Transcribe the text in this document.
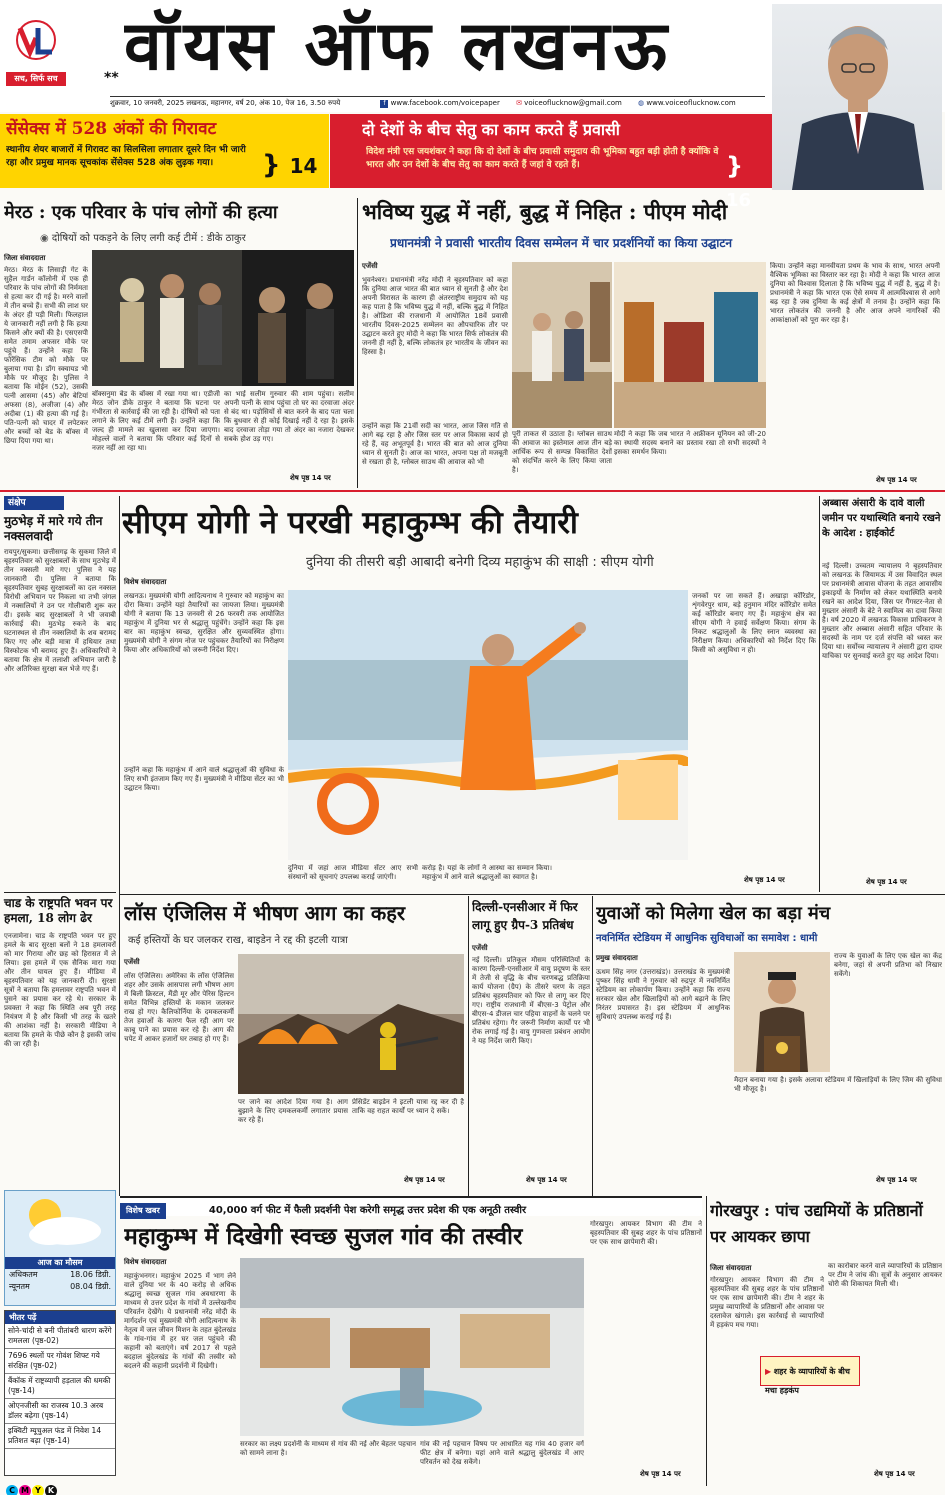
सच, सिर्फ सच	** वॉयस ऑफ लखनऊ
शुक्रवार, 10 जनवरी, 2025 लखनऊ, महानगर, वर्ष 20, अंक 10, पेज 16, 3.50 रुपये	f www.facebook.com/voicepaper ✉ voiceoflucknow@gmail.com ◍ www.voiceoflucknow.com
सेंसेक्स में 528 अंकों की गिरावट
स्थानीय शेयर बाजारों में गिरावट का सिलसिला लगातार दूसरे दिन भी जारी रहा और प्रमुख मानक सूचकांक सेंसेक्स 528 अंक लुढ़क गया।	} 14
दो देशों के बीच सेतु का काम करते हैं प्रवासी
विदेश मंत्री एस जयशंकर ने कहा कि दो देशों के बीच प्रवासी समुदाय की भूमिका बहुत बड़ी होती है क्योंकि वे भारत और उन देशों के बीच सेतु का काम करते हैं जहां वे रहते हैं।	} 16
मेरठ : एक परिवार के पांच लोगों की हत्या
◉ दोषियों को पकड़ने के लिए लगी कई टीमें : डीके ठाकुर
जिला संवाददाता
मेरठ। मेरठ के लिसाड़ी गेट के सुहैल गार्डन कॉलोनी में एक ही परिवार के पांच लोगों की निर्ममता से हत्या कर दी गई है। मरने वालों में तीन बच्चे हैं। सभी की लाश घर के अंदर ही पड़ी मिली। फिलहाल ये जानकारी नहीं लगी है कि हत्या किसने और क्यों की है। एसएसपी समेत तमाम अफसर मौके पर पहुंचे हैं। उन्होंने कहा कि फोरेंसिक टीम को मौके पर बुलाया गया है। डॉग स्क्वायड भी मौके पर मौजूद है। पुलिस ने बताया कि मोईन (52), उसकी पत्नी आसमा (45) और बेटियां अफसा (8), अजीजा (4) और अदीबा (1) की हत्या की गई है। पति-पत्नी को चादर में लपेटकर और बच्चों को बेड के बॉक्स में छिपा दिया गया था।
बॉक्सनुमा बेड के बॉक्स में रखा गया था। एडीजी मेरठ जोन डीके ठाकुर ने बताया कि घटना पर गंभीरता से कार्रवाई की जा रही है। दोषियों को पता लगाने के लिए कई टीमें लगी हैं। उन्होंने कहा कि जल्द ही मामले का खुलासा कर दिया जाएगा। मोहल्ले वालों ने बताया कि परिवार कई दिनों से नजर नहीं आ रहा था।
का भाई सलीम गुरुवार की शाम पहुंचा। सलीम अपनी पत्नी के साथ पहुंचा तो घर का दरवाजा अंदर से बंद था। पड़ोसियों से बात करने के बाद पता चला कि बुधवार से ही कोई दिखाई नहीं दे रहा है। इसके बाद दरवाजा तोड़ा गया तो अंदर का नजारा देखकर सबके होश उड़ गए।
शेष पृष्ठ 14 पर
भविष्य युद्ध में नहीं, बुद्ध में निहित : पीएम मोदी
प्रधानमंत्री ने प्रवासी भारतीय दिवस सम्मेलन में चार प्रदर्शनियों का किया उद्घाटन
एजेंसी
भुवनेश्वर। प्रधानमंत्री नरेंद्र मोदी ने बृहस्पतिवार को कहा कि दुनिया आज भारत की बात ध्यान से सुनती है और देश अपनी विरासत के कारण ही अंतरराष्ट्रीय समुदाय को यह कह पाता है कि भविष्य युद्ध में नहीं, बल्कि बुद्ध में निहित है। ओडिशा की राजधानी में आयोजित 18वें प्रवासी भारतीय दिवस-2025 सम्मेलन का औपचारिक तौर पर उद्घाटन करते हुए मोदी ने कहा कि भारत सिर्फ लोकतंत्र की जननी ही नहीं है, बल्कि लोकतंत्र हर भारतीय के जीवन का हिस्सा है।
उन्होंने कहा कि 21वीं सदी का भारत, आज जिस गति से आगे बढ़ रहा है और जिस स्तर पर आज विकास कार्य हो रहे हैं, वह अभूतपूर्व है। भारत की बात को आज दुनिया ध्यान से सुनती है। आज का भारत, अपना पक्ष तो मजबूती से रखता ही है, ग्लोबल साउथ की आवाज को भी
पूरी ताकत से उठाता है। ग्लोबल साउथ की आवाज का इस्तेमाल आज तीन बड़े आर्थिक रूप से सम्पन्न विकासित देशों को संदर्भित करने के लिए किया जाता है।
मोदी ने कहा कि जब भारत ने अफ्रीकन यूनियन को जी-20 का स्थायी सदस्य बनाने का प्रस्ताव रखा तो सभी सदस्यों ने इसका समर्थन किया।
किया। उन्होंने कहा मानवीयता प्रथम के भाव के साथ, भारत अपनी वैश्विक भूमिका का विस्तार कर रहा है। मोदी ने कहा कि भारत आज दुनिया को विश्वास दिलाता है कि भविष्य युद्ध में नहीं है, बुद्ध में है। प्रधानमंत्री ने कहा कि भारत एक ऐसे समय में आत्मविश्वास से आगे बढ़ रहा है जब दुनिया के कई क्षेत्रों में तनाव है। उन्होंने कहा कि भारत लोकतंत्र की जननी है और आज अपने नागरिकों की आकांक्षाओं को पूरा कर रहा है।
शेष पृष्ठ 14 पर
संक्षेप
मुठभेड़ में मारे गये तीन नक्सलवादी
रायपुर/सुकमा। छत्तीसगढ़ के सुकमा जिले में बृहस्पतिवार को सुरक्षाबलों के साथ मुठभेड़ में तीन नक्सली मारे गए। पुलिस ने यह जानकारी दी। पुलिस ने बताया कि बृहस्पतिवार सुबह सुरक्षाबलों का दल नक्सल विरोधी अभियान पर निकला था तभी जंगल में नक्सलियों ने उन पर गोलीबारी शुरू कर दी। इसके बाद सुरक्षाबलों ने भी जवाबी कार्रवाई की। मुठभेड़ रुकने के बाद घटनास्थल से तीन नक्सलियों के शव बरामद किए गए और बड़ी मात्रा में हथियार तथा विस्फोटक भी बरामद हुए हैं। अधिकारियों ने बताया कि क्षेत्र में तलाशी अभियान जारी है और अतिरिक्त सुरक्षा बल भेजे गए हैं।
चाड के राष्ट्रपति भवन पर हमला, 18 लोग ढेर
एनजामेना। चाड के राष्ट्रपति भवन पर हुए हमले के बाद सुरक्षा बलों ने 18 हमलावरों को मार गिराया और छह को हिरासत में ले लिया। इस हमले में एक सैनिक मारा गया और तीन घायल हुए हैं। मीडिया में बृहस्पतिवार को यह जानकारी दी। सुरक्षा सूत्रों ने बताया कि हमलावर राष्ट्रपति भवन में घुसने का प्रयास कर रहे थे। सरकार के प्रवक्ता ने कहा कि स्थिति अब पूरी तरह नियंत्रण में है और किसी भी तरह के खतरे की आशंका नहीं है। सरकारी मीडिया ने बताया कि हमले के पीछे कौन है इसकी जांच की जा रही है।
सीएम योगी ने परखी महाकुम्भ की तैयारी
दुनिया की तीसरी बड़ी आबादी बनेगी दिव्य महाकुंभ की साक्षी : सीएम योगी
विशेष संवाददाता
लखनऊ। मुख्यमंत्री योगी आदित्यनाथ ने गुरुवार को महाकुंभ का दौरा किया। उन्होंने यहां तैयारियों का जायजा लिया। मुख्यमंत्री योगी ने बताया कि 13 जनवरी से 26 फरवरी तक आयोजित महाकुंभ में दुनिया भर से श्रद्धालु पहुंचेंगे। उन्होंने कहा कि इस बार का महाकुंभ स्वच्छ, सुरक्षित और सुव्यवस्थित होगा। मुख्यमंत्री योगी ने संगम नोज पर पहुंचकर तैयारियों का निरीक्षण किया और अधिकारियों को जरूरी निर्देश दिए।
उन्होंने कहा कि महाकुंभ में आने वाले श्रद्धालुओं की सुविधा के लिए सभी इंतजाम किए गए हैं। मुख्यमंत्री ने मीडिया सेंटर का भी उद्घाटन किया।
दुनिया में जहां आज मीडिया सेंटर आए सभी संस्थानों को सूचनाएं उपलब्ध कराई जाएंगी।
करोड़ है। यहां के लोगों ने आस्था का सम्मान किया। महाकुंभ में आने वाले श्रद्धालुओं का स्वागत है।
जनकों पर जा सकते हैं। अखाड़ा कॉरिडोर, शृंगवेरपुर धाम, बड़े हनुमान मंदिर कॉरिडोर समेत कई कॉरिडोर बनाए गए हैं। महाकुंभ क्षेत्र का सीएम योगी ने हवाई सर्वेक्षण किया। संगम के निकट श्रद्धालुओं के लिए स्नान व्यवस्था का निरीक्षण किया। अधिकारियों को निर्देश दिए कि किसी को असुविधा न हो।
शेष पृष्ठ 14 पर
अब्बास अंसारी के दावे वाली जमीन पर यथास्थिति बनाये रखने के आदेश : हाईकोर्ट
नई दिल्ली। उच्चतम न्यायालय ने बृहस्पतिवार को लखनऊ के जियामऊ में उस विवादित स्थल पर प्रधानमंत्री आवास योजना के तहत आवासीय इकाइयों के निर्माण को लेकर यथास्थिति बनाये रखने का आदेश दिया, जिस पर गैंगस्टर-नेता से मुख्तार अंसारी के बेटे ने स्वामित्व का दावा किया है। वर्ष 2020 में लखनऊ विकास प्राधिकरण ने मुख्तार और अब्बास अंसारी सहित परिवार के सदस्यों के नाम पर दर्ज संपत्ति को ध्वस्त कर दिया था। सर्वोच्च न्यायालय ने अंसारी द्वारा दायर याचिका पर सुनवाई करते हुए यह आदेश दिया।
शेष पृष्ठ 14 पर
लॉस एंजिलिस में भीषण आग का कहर
कई हस्तियों के घर जलकर राख, बाइडेन ने रद्द की इटली यात्रा
एजेंसी
लॉस एंजिलिस। अमेरिका के लॉस एंजिलिस शहर और उसके आसपास लगी भीषण आग में बिली क्रिस्टल, मैंडी मूर और पेरिस हिल्टन समेत विभिन्न हस्तियों के मकान जलकर राख हो गए। कैलिफोर्निया के दमकलकर्मी तेज हवाओं के कारण फैल रही आग पर काबू पाने का प्रयास कर रहे हैं। आग की चपेट में आकर हजारों घर तबाह हो गए हैं।
पर जाने का आदेश दिया गया है। आग बुझाने के लिए दमकलकर्मी लगातार प्रयास कर रहे हैं।
प्रेसिडेंट बाइडेन ने इटली यात्रा रद्द कर दी है ताकि वह राहत कार्यों पर ध्यान दे सकें।
शेष पृष्ठ 14 पर
दिल्ली-एनसीआर में फिर लागू हुए ग्रैप-3 प्रतिबंध
एजेंसी
नई दिल्ली। प्रतिकूल मौसम परिस्थितियों के कारण दिल्ली-एनसीआर में वायु प्रदूषण के स्तर में तेजी से वृद्धि के बीच चरणबद्ध प्रतिक्रिया कार्य योजना (ग्रैप) के तीसरे चरण के तहत प्रतिबंध बृहस्पतिवार को फिर से लागू कर दिए गए। राष्ट्रीय राजधानी में बीएस-3 पेट्रोल और बीएस-4 डीजल चार पहिया वाहनों के चलने पर प्रतिबंध रहेगा। गैर जरूरी निर्माण कार्यों पर भी रोक लगाई गई है। वायु गुणवत्ता प्रबंधन आयोग ने यह निर्देश जारी किए।
शेष पृष्ठ 14 पर
युवाओं को मिलेगा खेल का बड़ा मंच
नवनिर्मित स्टेडियम में आधुनिक सुविधाओं का समावेश : धामी
प्रमुख संवाददाता
ऊधम सिंह नगर (उत्तराखंड)। उत्तराखंड के मुख्यमंत्री पुष्कर सिंह धामी ने गुरुवार को रुद्रपुर में नवनिर्मित स्टेडियम का लोकार्पण किया। उन्होंने कहा कि राज्य सरकार खेल और खिलाड़ियों को आगे बढ़ाने के लिए निरंतर प्रयासरत है। इस स्टेडियम में आधुनिक सुविधाएं उपलब्ध कराई गई हैं।
राज्य के युवाओं के लिए एक खेल का केंद्र बनेगा, जहां से अपनी प्रतिभा को निखार सकेंगे।
मैदान बनाया गया है। इसके अलावा स्टेडियम में खिलाड़ियों के लिए जिम की सुविधा भी मौजूद है।
शेष पृष्ठ 14 पर
विशेष खबर	40,000 वर्ग फीट में फैली प्रदर्शनी पेश करेगी समृद्ध उत्तर प्रदेश की एक अनूठी तस्वीर
आज का मौसम
अधिकतम	18.06 डिग्री.
न्यूनतम	08.04 डिग्री.
भीतर पढ़ें
सोने-चांदी से बनी पीतांबरी धारण करेंगे रामलला (पृष्ठ-02)
7696 स्थलों पर गोवंश शिफ्ट गये संरक्षित (पृष्ठ-02)
बैंकॉक में राष्ट्रव्यापी हड़ताल की धमकी (पृष्ठ-14)
ओएनजीसी का राजस्व 10.3 अरब डॉलर बढ़ेगा (पृष्ठ-14)
इक्विटी म्यूचुअल फंड में निवेश 14 प्रतिशत बढ़ा (पृष्ठ-14)
C M Y K
महाकुम्भ में दिखेगी स्वच्छ सुजल गांव की तस्वीर
विशेष संवाददाता
महाकुंभनगर। महाकुंभ 2025 में भाग लेने वाले दुनिया भर के 40 करोड़ से अधिक श्रद्धालु स्वच्छ सुजल गांव अवधारणा के माध्यम से उत्तर प्रदेश के गांवों में उल्लेखनीय परिवर्तन देखेंगे। ये प्रधानमंत्री नरेंद्र मोदी के मार्गदर्शन एवं मुख्यमंत्री योगी आदित्यनाथ के नेतृत्व में जल जीवन मिशन के तहत बुंदेलखंड के गांव-गांव में हर घर जल पहुंचने की कहानी को बताएंगे। वर्ष 2017 से पहले बदहाल बुंदेलखंड के गांवों की तस्वीर को बदलने की कहानी प्रदर्शनी में दिखेगी।
सरकार का लक्ष्य प्रदर्शनी के माध्यम से गांव की नई और बेहतर पहचान को सामने लाना है।
गांव की नई पहचान विषय पर आधारित यह गांव 40 हजार वर्ग फीट क्षेत्र में बनेगा। यहां आने वाले श्रद्धालु बुंदेलखंड में आए परिवर्तन को देख सकेंगे।
गोरखपुर। आयकर विभाग की टीम ने बृहस्पतिवार की सुबह शहर के पांच प्रतिष्ठानों पर एक साथ छापेमारी की।
शेष पृष्ठ 14 पर
गोरखपुर : पांच उद्यमियों के प्रतिष्ठानों पर आयकर छापा
जिला संवाददाता
गोरखपुर। आयकर विभाग की टीम ने बृहस्पतिवार की सुबह शहर के पांच प्रतिष्ठानों पर एक साथ छापेमारी की। टीम ने शहर के प्रमुख व्यापारियों के प्रतिष्ठानों और आवास पर दस्तावेज खंगाले। इस कार्रवाई से व्यापारियों में हड़कंप मच गया।
का कारोबार करने वाले व्यापारियों के प्रतिष्ठान पर टीम ने जांच की। सूत्रों के अनुसार आयकर चोरी की शिकायत मिली थी।
▶ शहर के व्यापारियों के बीच मचा हड़कंप
शेष पृष्ठ 14 पर
